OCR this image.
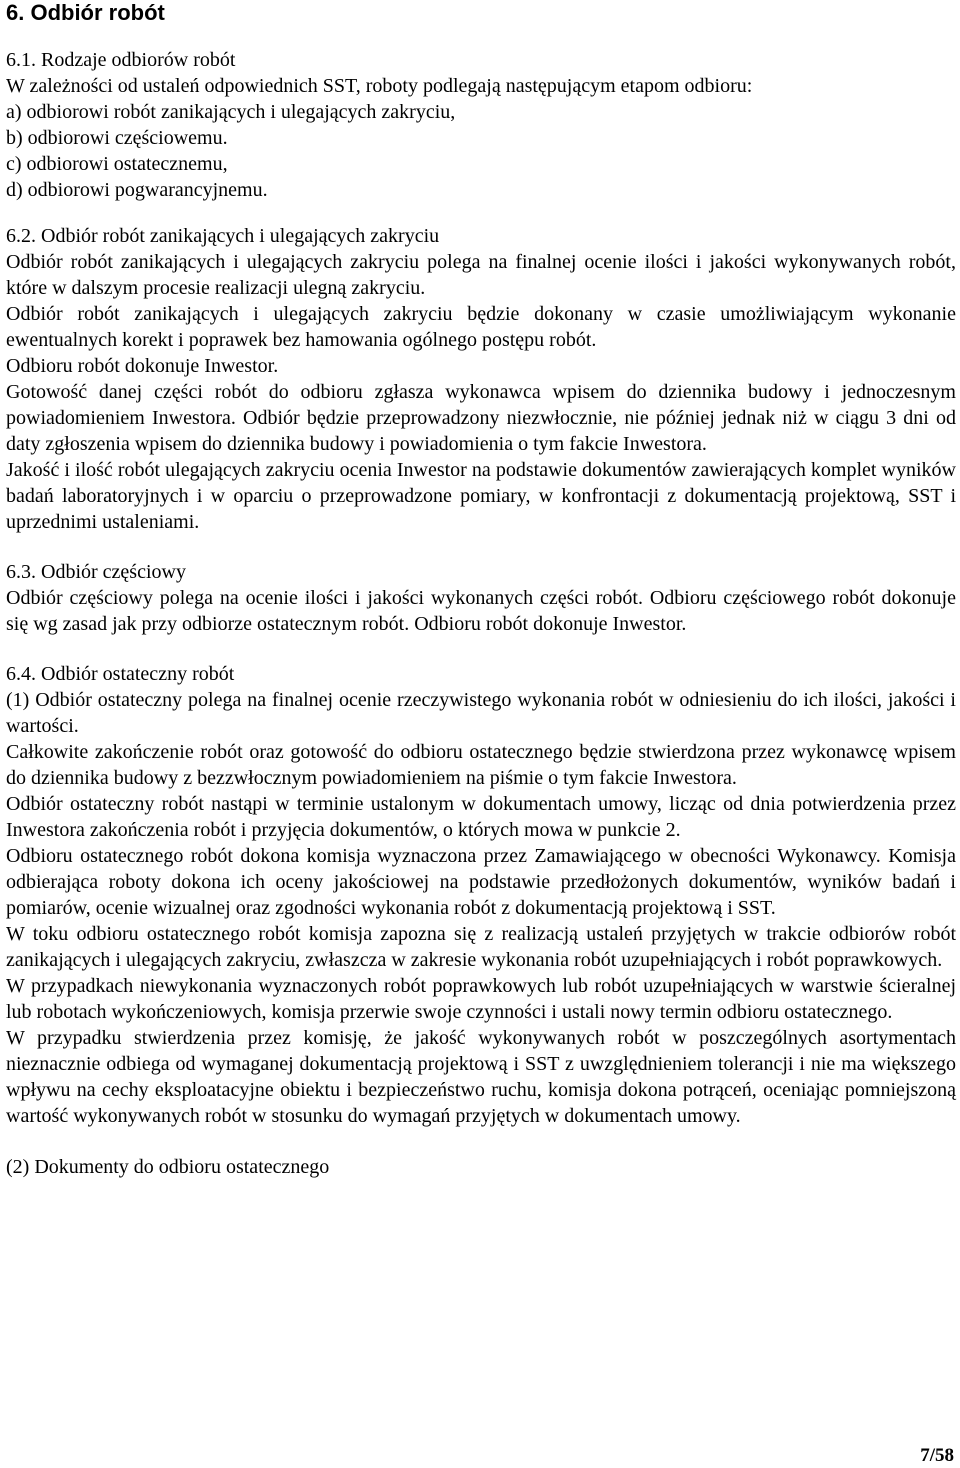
6. Odbiór robót

6.1. Rodzaje odbiorów robót

W zależności od ustaleń odpowiednich SST, roboty podlegają następującym etapom odbioru:

a) odbiorowi robót zanikających i ulegających zakryciu,

b) odbiorowi częściowemu.

c) odbiorowi ostatecznemu,

d) odbiorowi pogwarancyjnemu.

6.2. Odbiór robót zanikających i ulegających zakryciu

Odbiór robót zanikających i ulegających zakryciu polega na finalnej ocenie ilości i jakości wykonywanych robót, które w dalszym procesie realizacji ulegną zakryciu.

Odbiór robót zanikających i ulegających zakryciu będzie dokonany w czasie umożliwiającym wykonanie ewentualnych korekt i poprawek bez hamowania ogólnego postępu robót.

Odbioru robót dokonuje Inwestor.

Gotowość danej części robót do odbioru zgłasza wykonawca wpisem do dziennika budowy i jednoczesnym powiadomieniem Inwestora. Odbiór będzie przeprowadzony niezwłocznie, nie później jednak niż w ciągu 3 dni od daty zgłoszenia wpisem do dziennika budowy i powiadomienia o tym fakcie Inwestora.

Jakość i ilość robót ulegających zakryciu ocenia Inwestor na podstawie dokumentów zawierających komplet wyników badań laboratoryjnych i w oparciu o przeprowadzone pomiary, w konfrontacji z dokumentacją projektową, SST i uprzednimi ustaleniami.

6.3. Odbiór częściowy

Odbiór częściowy polega na ocenie ilości i jakości wykonanych części robót. Odbioru częściowego robót dokonuje się wg zasad jak przy odbiorze ostatecznym robót. Odbioru robót dokonuje Inwestor.

6.4. Odbiór ostateczny robót

(1) Odbiór ostateczny polega na finalnej ocenie rzeczywistego wykonania robót w odniesieniu do ich ilości, jakości i wartości.

Całkowite zakończenie robót oraz gotowość do odbioru ostatecznego będzie stwierdzona przez wykonawcę wpisem do dziennika budowy z bezzwłocznym powiadomieniem na piśmie o tym fakcie Inwestora.

Odbiór ostateczny robót nastąpi w terminie ustalonym w dokumentach umowy, licząc od dnia potwierdzenia przez Inwestora zakończenia robót i przyjęcia dokumentów, o których mowa w punkcie 2.

Odbioru ostatecznego robót dokona komisja wyznaczona przez Zamawiającego w obecności Wykonawcy. Komisja odbierająca roboty dokona ich oceny jakościowej na podstawie przedłożonych dokumentów, wyników badań i pomiarów, ocenie wizualnej oraz zgodności wykonania robót z dokumentacją projektową i SST.

W toku odbioru ostatecznego robót komisja zapozna się z realizacją ustaleń przyjętych w trakcie odbiorów robót zanikających i ulegających zakryciu, zwłaszcza w zakresie wykonania robót uzupełniających i robót poprawkowych.

W przypadkach niewykonania wyznaczonych robót poprawkowych lub robót uzupełniających w warstwie ścieralnej lub robotach wykończeniowych, komisja przerwie swoje czynności i ustali nowy termin odbioru ostatecznego.

W przypadku stwierdzenia przez komisję, że jakość wykonywanych robót w poszczególnych asortymentach nieznacznie odbiega od wymaganej dokumentacją projektową i SST z uwzględnieniem tolerancji i nie ma większego wpływu na cechy eksploatacyjne obiektu i bezpieczeństwo ruchu, komisja dokona potrąceń, oceniając pomniejszoną wartość wykonywanych robót w stosunku do wymagań przyjętych w dokumentach umowy.

(2) Dokumenty do odbioru ostatecznego

7/58
